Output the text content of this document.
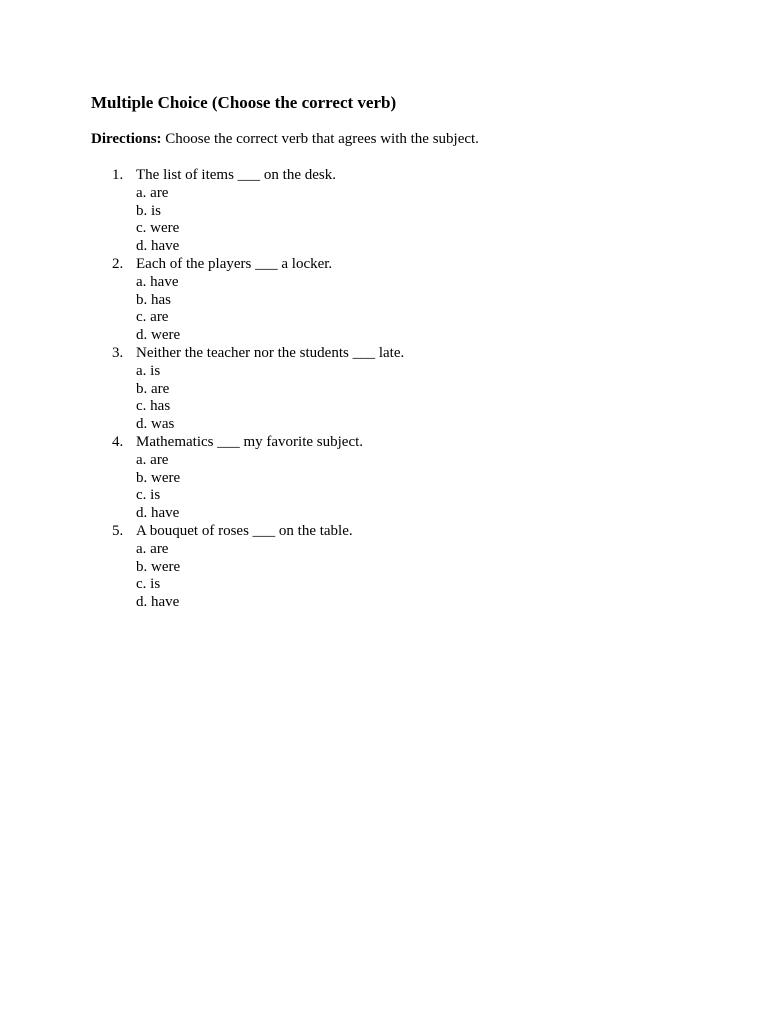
Multiple Choice (Choose the correct verb)

Directions: Choose the correct verb that agrees with the subject.

1. The list of items ___ on the desk.
a. are
b. is
c. were
d. have
2. Each of the players ___ a locker.
a. have
b. has
c. are
d. were
3. Neither the teacher nor the students ___ late.
a. is
b. are
c. has
d. was
4. Mathematics ___ my favorite subject.
a. are
b. were
c. is
d. have
5. A bouquet of roses ___ on the table.
a. are
b. were
c. is
d. have
